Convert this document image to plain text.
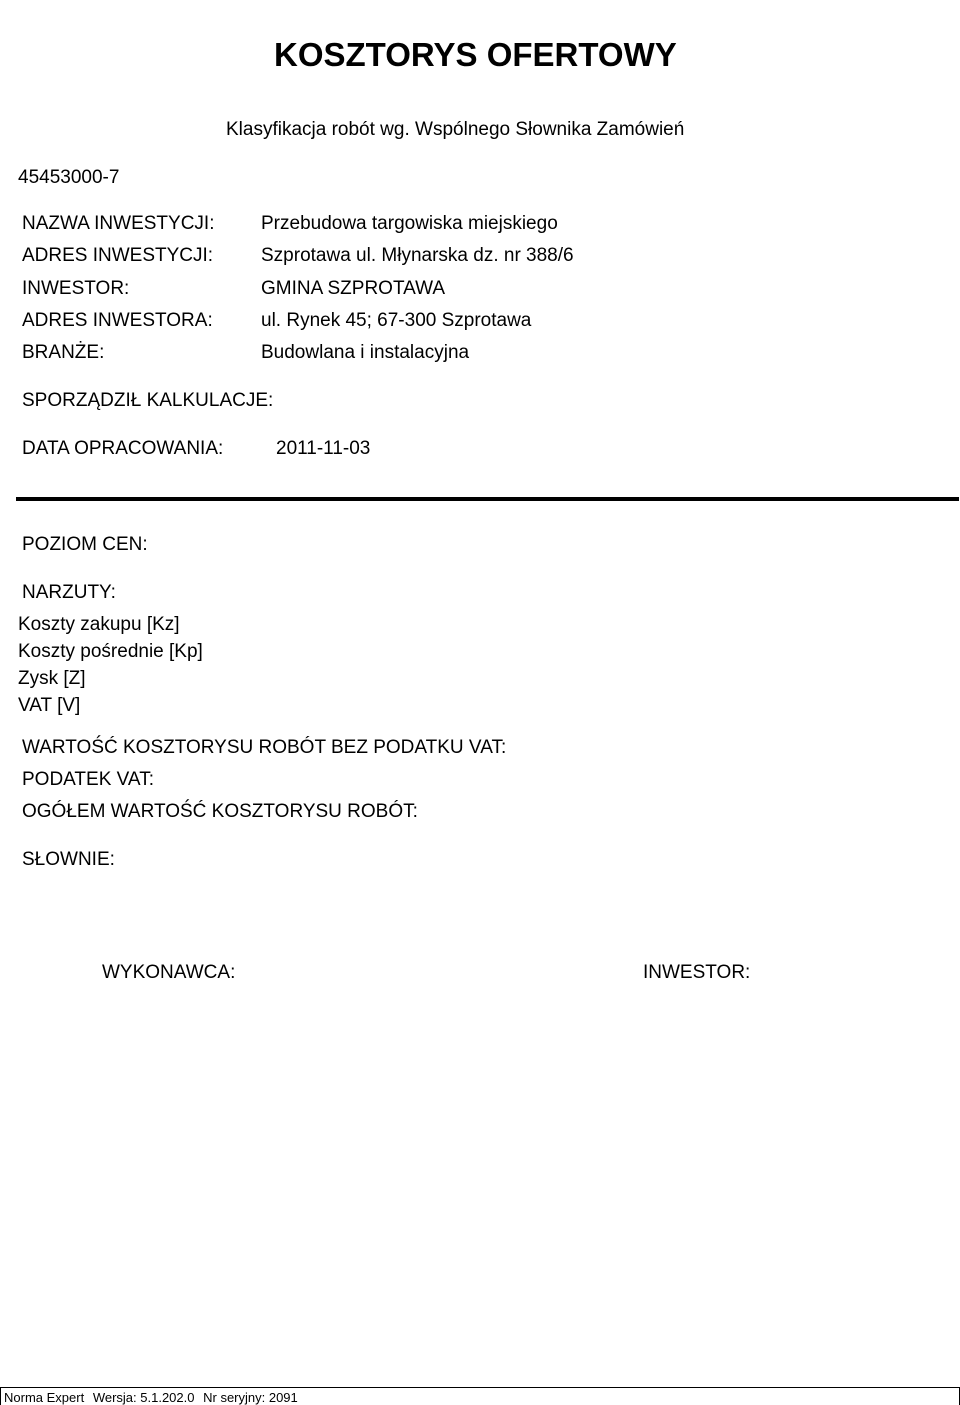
KOSZTORYS OFERTOWY
Klasyfikacja robót wg. Wspólnego Słownika Zamówień
45453000-7
NAZWA INWESTYCJI: Przebudowa targowiska miejskiego
ADRES INWESTYCJI:	Szprotawa ul. Młynarska dz. nr 388/6
INWESTOR:	GMINA SZPROTAWA
ADRES INWESTORA:	ul. Rynek 45; 67-300 Szprotawa
BRANŻE:	Budowlana i instalacyjna
SPORZĄDZIŁ KALKULACJE:
DATA OPRACOWANIA:	2011-11-03
POZIOM CEN:
NARZUTY:
Koszty zakupu [Kz]
Koszty pośrednie [Kp]
Zysk [Z]
VAT [V]
WARTOŚĆ KOSZTORYSU ROBÓT BEZ PODATKU VAT:
PODATEK VAT:
OGÓŁEM WARTOŚĆ KOSZTORYSU ROBÓT:
SŁOWNIE:
WYKONAWCA:	INWESTOR:
Norma Expert Wersja: 5.1.202.0 Nr seryjny: 2091
